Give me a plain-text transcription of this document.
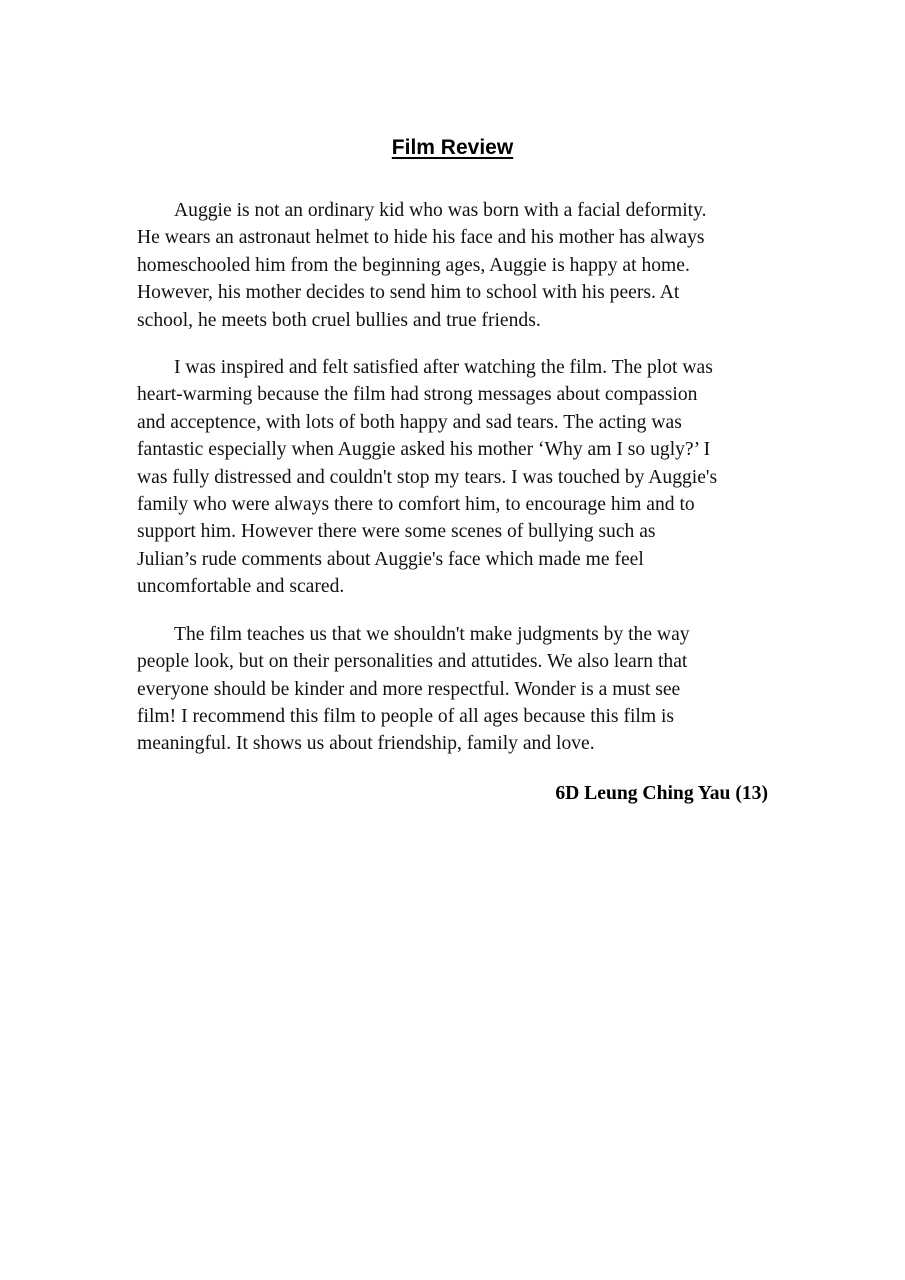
Film Review

Auggie is not an ordinary kid who was born with a facial deformity.
He wears an astronaut helmet to hide his face and his mother has always
homeschooled him from the beginning ages, Auggie is happy at home.
However, his mother decides to send him to school with his peers. At
school, he meets both cruel bullies and true friends.

I was inspired and felt satisfied after watching the film. The plot was
heart-warming because the film had strong messages about compassion
and acceptence, with lots of both happy and sad tears. The acting was
fantastic especially when Auggie asked his mother ‘Why am I so ugly?’ I
was fully distressed and couldn't stop my tears. I was touched by Auggie's
family who were always there to comfort him, to encourage him and to
support him. However there were some scenes of bullying such as
Julian’s rude comments about Auggie's face which made me feel
uncomfortable and scared.

The film teaches us that we shouldn't make judgments by the way
people look, but on their personalities and attutides. We also learn that
everyone should be kinder and more respectful. Wonder is a must see
film! I recommend this film to people of all ages because this film is
meaningful. It shows us about friendship, family and love.

6D Leung Ching Yau (13)
